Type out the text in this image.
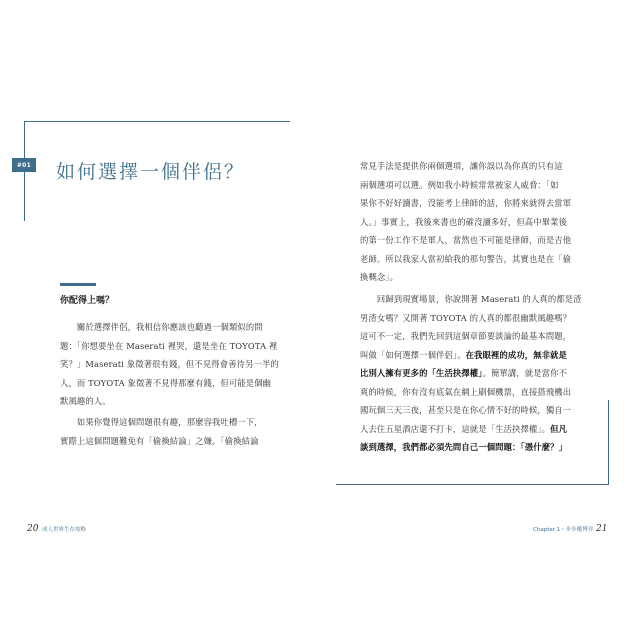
#01 如何選擇一個伴侶？
你配得上嗎？

　　關於選擇伴侶，我相信你應該也聽過一個類似的問
題：「你想要坐在 Maserati 裡哭，還是坐在 TOYOTA 裡
笑？」Maserati 象徵著很有錢，但不見得會善待另一半的
人，而 TOYOTA 象徵著不見得那麼有錢，但可能是個幽
默風趣的人。

　　如果你覺得這個問題很有趣，那麼容我吐槽一下，
實際上這個問題難免有「偷換結論」之嫌。「偷換結論

20 成人世界生存攻略

常見手法是提供你兩個選項，讓你誤以為你真的只有這
兩個選項可以選。例如我小時候常常被家人威脅：「如
果你不好好讀書，沒能考上律師的話，你將來就得去當軍
人。」事實上，我後來書也的確沒讀多好，但高中畢業後
的第一份工作不是軍人，當然也不可能是律師，而是吉他
老師。所以我家人當初給我的那句警告，其實也是在「偷
換概念」。

　　回歸到現實場景，你說開著 Maserati 的人真的都是渣
男渣女嗎？又開著 TOYOTA 的人真的都很幽默風趣嗎？
這可不一定，我們先回到這個章節要談論的最基本問題，
叫做「如何選擇一個伴侶」。在我眼裡的成功，無非就是
比別人擁有更多的「生活抉擇權」。簡單講，就是當你不
爽的時候，你有沒有底氣在網上刷個機票，直接搭飛機出
國玩個三天三夜，甚至只是在你心情不好的時候，獨自一
人去住五星酒店還不打卡，這就是「生活抉擇權」。但凡
談到選擇，我們都必須先問自己一個問題：「憑什麼？」

Chapter 1・步步權博弈 21
